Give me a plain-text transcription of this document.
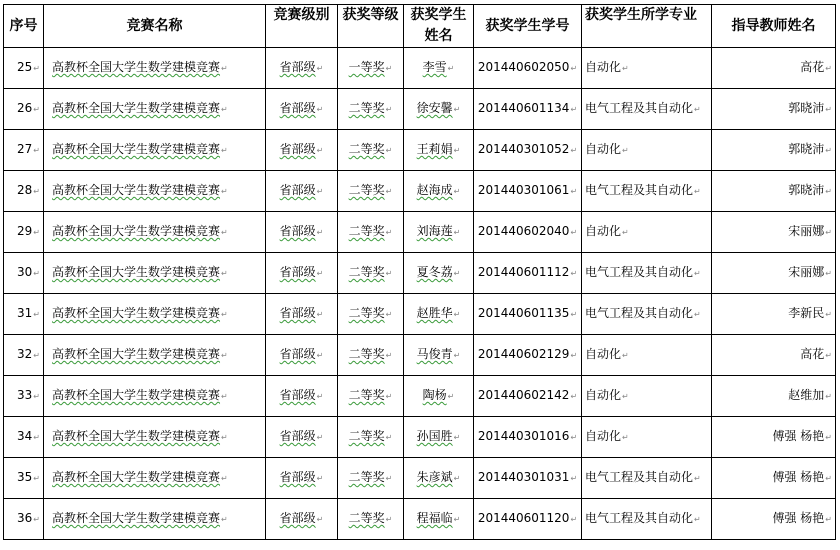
序号	竞赛名称	竞赛级别	获奖等级	获奖学生姓名	获奖学生学号	获奖学生所学专业	指导教师姓名
25↵	高教杯全国大学生数学建模竞赛↵	省部级↵	一等奖↵	李雪↵	201440602050↵	自动化↵	高花↵
26↵	高教杯全国大学生数学建模竞赛↵	省部级↵	二等奖↵	徐安馨↵	201440601134↵	电气工程及其自动化↵	郭晓沛↵
27↵	高教杯全国大学生数学建模竞赛↵	省部级↵	二等奖↵	王莉娟↵	201440301052↵	自动化↵	郭晓沛↵
28↵	高教杯全国大学生数学建模竞赛↵	省部级↵	二等奖↵	赵海成↵	201440301061↵	电气工程及其自动化↵	郭晓沛↵
29↵	高教杯全国大学生数学建模竞赛↵	省部级↵	二等奖↵	刘海莲↵	201440602040↵	自动化↵	宋丽娜↵
30↵	高教杯全国大学生数学建模竞赛↵	省部级↵	二等奖↵	夏冬荔↵	201440601112↵	电气工程及其自动化↵	宋丽娜↵
31↵	高教杯全国大学生数学建模竞赛↵	省部级↵	二等奖↵	赵胜华↵	201440601135↵	电气工程及其自动化↵	李新民↵
32↵	高教杯全国大学生数学建模竞赛↵	省部级↵	二等奖↵	马俊青↵	201440602129↵	自动化↵	高花↵
33↵	高教杯全国大学生数学建模竞赛↵	省部级↵	二等奖↵	陶杨↵	201440602142↵	自动化↵	赵维加↵
34↵	高教杯全国大学生数学建模竞赛↵	省部级↵	二等奖↵	孙国胜↵	201440301016↵	自动化↵	傅强 杨艳↵
35↵	高教杯全国大学生数学建模竞赛↵	省部级↵	二等奖↵	朱彦斌↵	201440301031↵	电气工程及其自动化↵	傅强 杨艳↵
36↵	高教杯全国大学生数学建模竞赛↵	省部级↵	二等奖↵	程福临↵	201440601120↵	电气工程及其自动化↵	傅强 杨艳↵
